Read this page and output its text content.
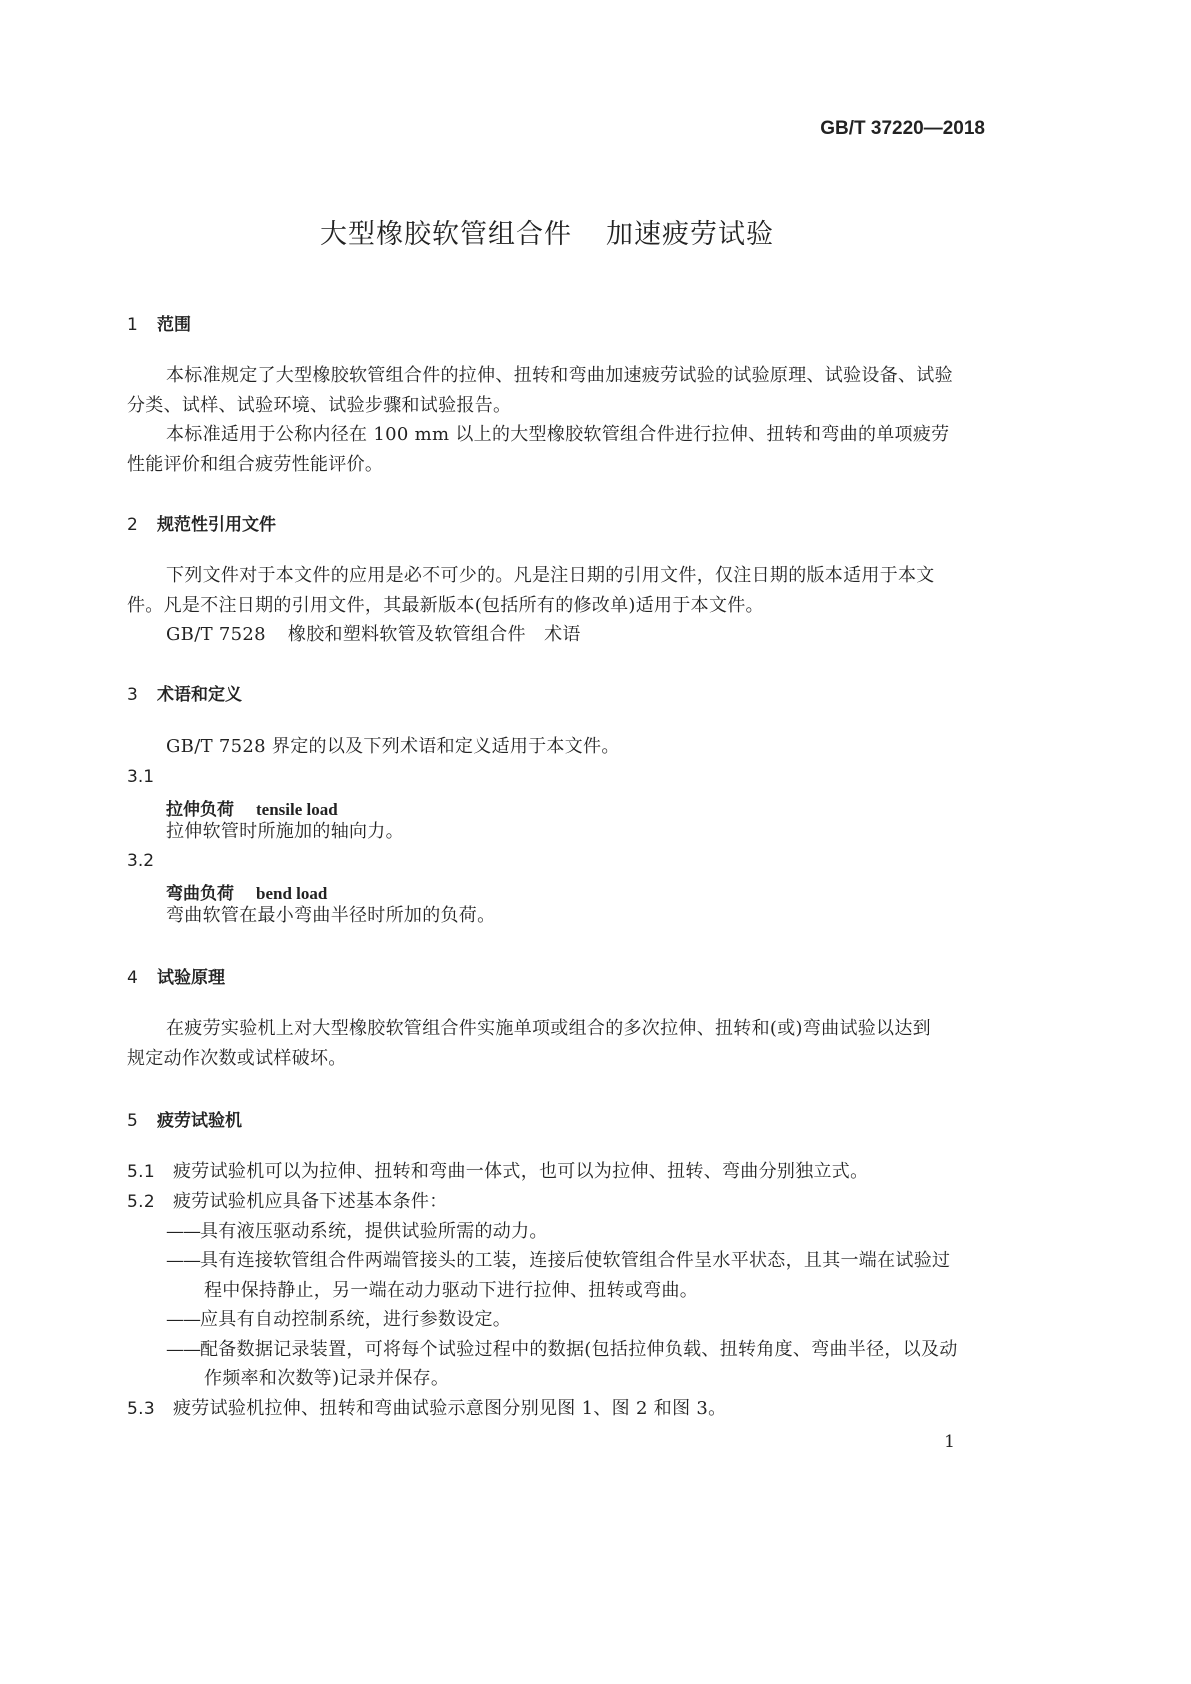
GB/T 37220—2018
大型橡胶软管组合件 加速疲劳试验
1 范围
本标准规定了大型橡胶软管组合件的拉伸、扭转和弯曲加速疲劳试验的试验原理、试验设备、试验
分类、试样、试验环境、试验步骤和试验报告。
本标准适用于公称内径在 100 mm 以上的大型橡胶软管组合件进行拉伸、扭转和弯曲的单项疲劳
性能评价和组合疲劳性能评价。
2 规范性引用文件
下列文件对于本文件的应用是必不可少的。凡是注日期的引用文件，仅注日期的版本适用于本文
件。凡是不注日期的引用文件，其最新版本(包括所有的修改单)适用于本文件。
GB/T 7528 橡胶和塑料软管及软管组合件　术语
3 术语和定义
GB/T 7528 界定的以及下列术语和定义适用于本文件。
3.1
拉伸负荷 tensile load
拉伸软管时所施加的轴向力。
3.2
弯曲负荷 bend load
弯曲软管在最小弯曲半径时所加的负荷。
4 试验原理
在疲劳实验机上对大型橡胶软管组合件实施单项或组合的多次拉伸、扭转和(或)弯曲试验以达到
规定动作次数或试样破坏。
5 疲劳试验机
5.1 疲劳试验机可以为拉伸、扭转和弯曲一体式，也可以为拉伸、扭转、弯曲分别独立式。
5.2 疲劳试验机应具备下述基本条件：
——具有液压驱动系统，提供试验所需的动力。
——具有连接软管组合件两端管接头的工装，连接后使软管组合件呈水平状态，且其一端在试验过
程中保持静止，另一端在动力驱动下进行拉伸、扭转或弯曲。
——应具有自动控制系统，进行参数设定。
——配备数据记录装置，可将每个试验过程中的数据(包括拉伸负载、扭转角度、弯曲半径，以及动
作频率和次数等)记录并保存。
5.3 疲劳试验机拉伸、扭转和弯曲试验示意图分别见图 1、图 2 和图 3。
1
